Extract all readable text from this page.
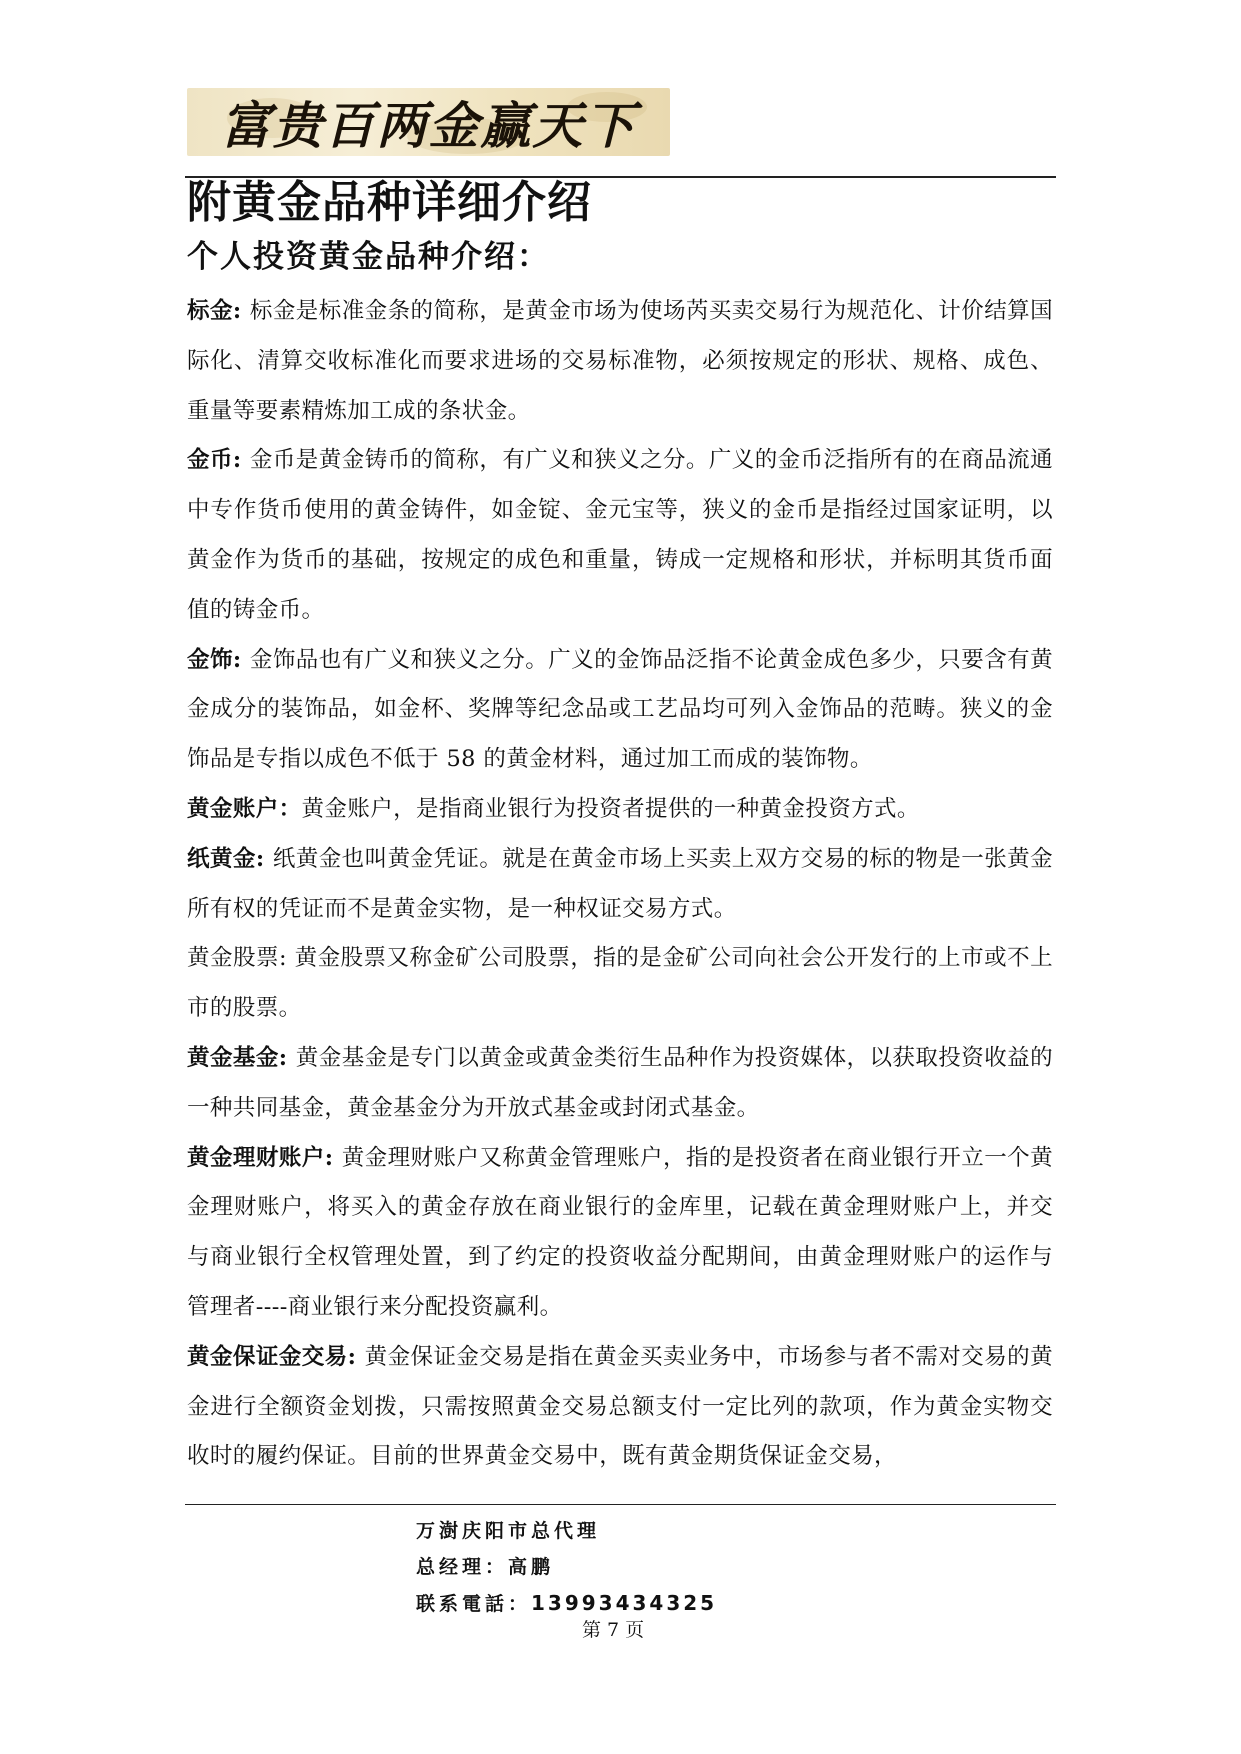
富贵百两金赢天下
附黄金品种详细介绍
个人投资黄金品种介绍：

标金: 标金是标准金条的简称，是黄金市场为使场芮买卖交易行为规范化、计价结算国际化、清算交收标准化而要求进场的交易标准物，必须按规定的形状、规格、成色、重量等要素精炼加工成的条状金。

金币: 金币是黄金铸币的简称，有广义和狭义之分。广义的金币泛指所有的在商品流通中专作货币使用的黄金铸件，如金锭、金元宝等，狭义的金币是指经过国家证明，以黄金作为货币的基础，按规定的成色和重量，铸成一定规格和形状，并标明其货币面值的铸金币。

金饰: 金饰品也有广义和狭义之分。广义的金饰品泛指不论黄金成色多少，只要含有黄金成分的装饰品，如金杯、奖牌等纪念品或工艺品均可列入金饰品的范畴。狭义的金饰品是专指以成色不低于 58 的黄金材料，通过加工而成的装饰物。

黄金账户：黄金账户，是指商业银行为投资者提供的一种黄金投资方式。

纸黄金: 纸黄金也叫黄金凭证。就是在黄金市场上买卖上双方交易的标的物是一张黄金所有权的凭证而不是黄金实物，是一种权证交易方式。

黄金股票: 黄金股票又称金矿公司股票，指的是金矿公司向社会公开发行的上市或不上市的股票。

黄金基金: 黄金基金是专门以黄金或黄金类衍生品种作为投资媒体，以获取投资收益的一种共同基金，黄金基金分为开放式基金或封闭式基金。

黄金理财账户: 黄金理财账户又称黄金管理账户，指的是投资者在商业银行开立一个黄金理财账户，将买入的黄金存放在商业银行的金库里，记载在黄金理财账户上，并交与商业银行全权管理处置，到了约定的投资收益分配期间，由黄金理财账户的运作与管理者----商业银行来分配投资赢利。

黄金保证金交易: 黄金保证金交易是指在黄金买卖业务中，市场参与者不需对交易的黄金进行全额资金划拨，只需按照黄金交易总额支付一定比列的款项，作为黄金实物交收时的履约保证。目前的世界黄金交易中，既有黄金期货保证金交易，

万澍庆阳市总代理
总经理：高鹏
联系電話：13993434325
第 7 页
